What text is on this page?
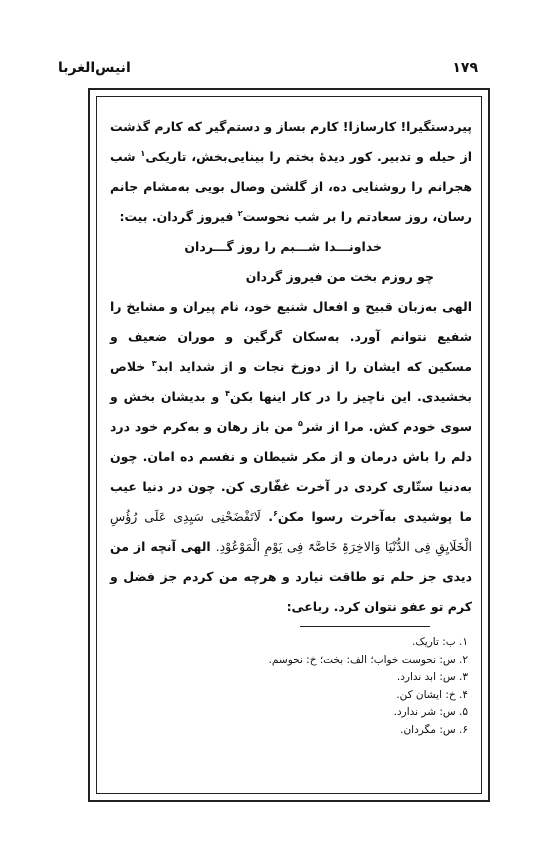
۱۷۹
انیس‌الغربا

پیردستگیرا! کارسازا! کارم بساز و دستم‌گیر که کارم گذشت از حیله و تدبیر. کور دیدهٔ بختم را بینایی‌بخش، تاریکی$^۱$ شب هجرانم را روشنایی ده، از گلشن وصال بویی به‌مشام جانم رسان، روز سعادتم را بر شب نحوست$^۲$ فیروز گردان. بیت:

خداونـــدا شـــبم را روز گـــردان

چو روزم بخت من فیروز گردان

الهی به‌زبان قبیح و افعال شنیع خود، نام پیران و مشایخ را شفیع نتوانم آورد. به‌سکان گرگین و موران ضعیف و مسکین که ایشان را از دوزخ نجات و از شداید ابد$^۳$ خلاص بخشیدی. این ناچیز را در کار اینها بکن$^۴$ و بدیشان بخش و سوی خودم کش. مرا از شر$^۵$ من باز رهان و به‌کرم خود درد دلم را باش درمان و از مکر شیطان و نفسم ده امان. چون به‌دنیا ستّاری کردی در آخرت غفّاری کن. چون در دنیا عیب ما پوشیدی به‌آخرت رسوا مکن$^۶$. لَاتَفْضَحْنِی سَیِدِی عَلَی رُؤُسِ الْخَلَایِقِ فِی الدُّنْیَا وَالاخِرَۃِ خَاصَّۃً فِی یَوْمِ الْمَوْعُوْدِ. الهی آنچه از من دیدی جز حلم تو طاقت نیارد و هرچه من کردم جز فضل و کرم تو عفو نتوان کرد. رباعی:

۱. ب: تاریک.
۲. س: نحوست خواب؛ الف: بخت؛ خ: نحوسم.
۳. س: ابد ندارد.
۴. خ: ایشان کن.
۵. س: شر ندارد.
۶. س: مگردان.
